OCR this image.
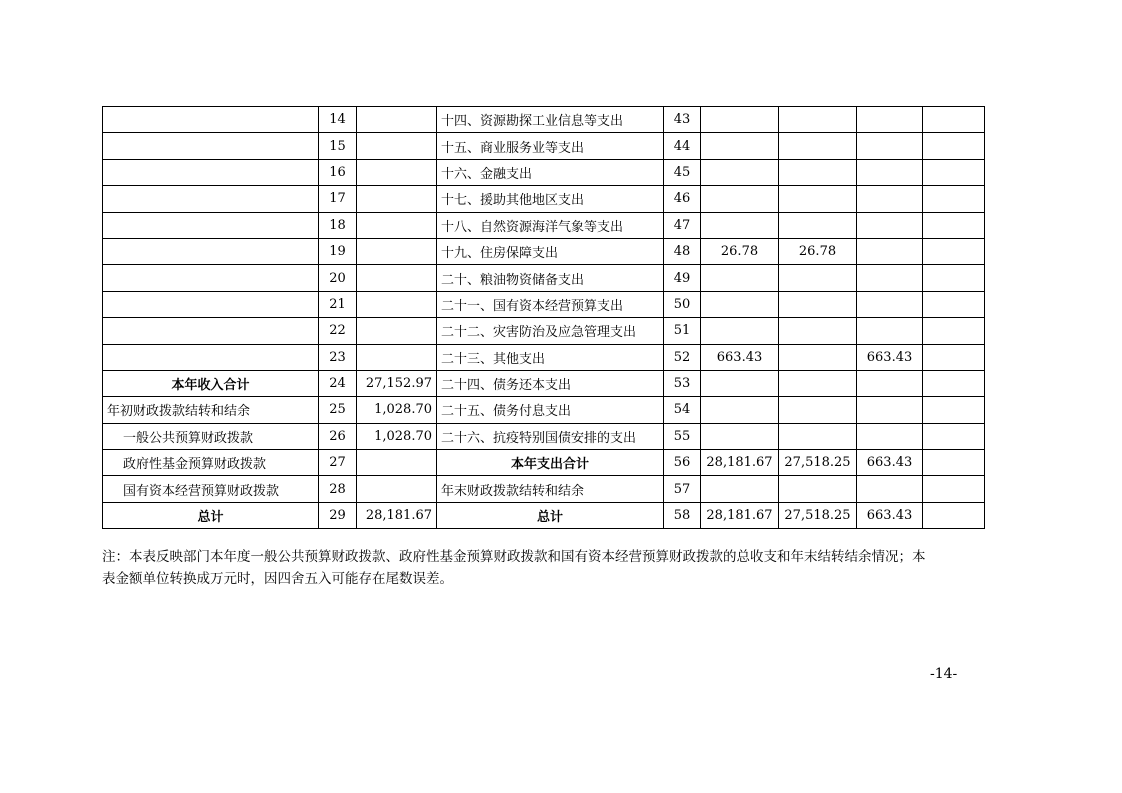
	14		十四、资源勘探工业信息等支出	43				
	15		十五、商业服务业等支出	44				
	16		十六、金融支出	45				
	17		十七、援助其他地区支出	46				
	18		十八、自然资源海洋气象等支出	47				
	19		十九、住房保障支出	48	26.78	26.78		
	20		二十、粮油物资储备支出	49				
	21		二十一、国有资本经营预算支出	50				
	22		二十二、灾害防治及应急管理支出	51				
	23		二十三、其他支出	52	663.43		663.43	
本年收入合计	24	27,152.97	二十四、债务还本支出	53				
年初财政拨款结转和结余	25	1,028.70	二十五、债务付息支出	54				
一般公共预算财政拨款	26	1,028.70	二十六、抗疫特别国债安排的支出	55				
政府性基金预算财政拨款	27		本年支出合计	56	28,181.67	27,518.25	663.43	
国有资本经营预算财政拨款	28		年末财政拨款结转和结余	57				
总计	29	28,181.67	总计	58	28,181.67	27,518.25	663.43	
注：本表反映部门本年度一般公共预算财政拨款、政府性基金预算财政拨款和国有资本经营预算财政拨款的总收支和年末结转结余情况；本
表金额单位转换成万元时，因四舍五入可能存在尾数误差。
-14-
